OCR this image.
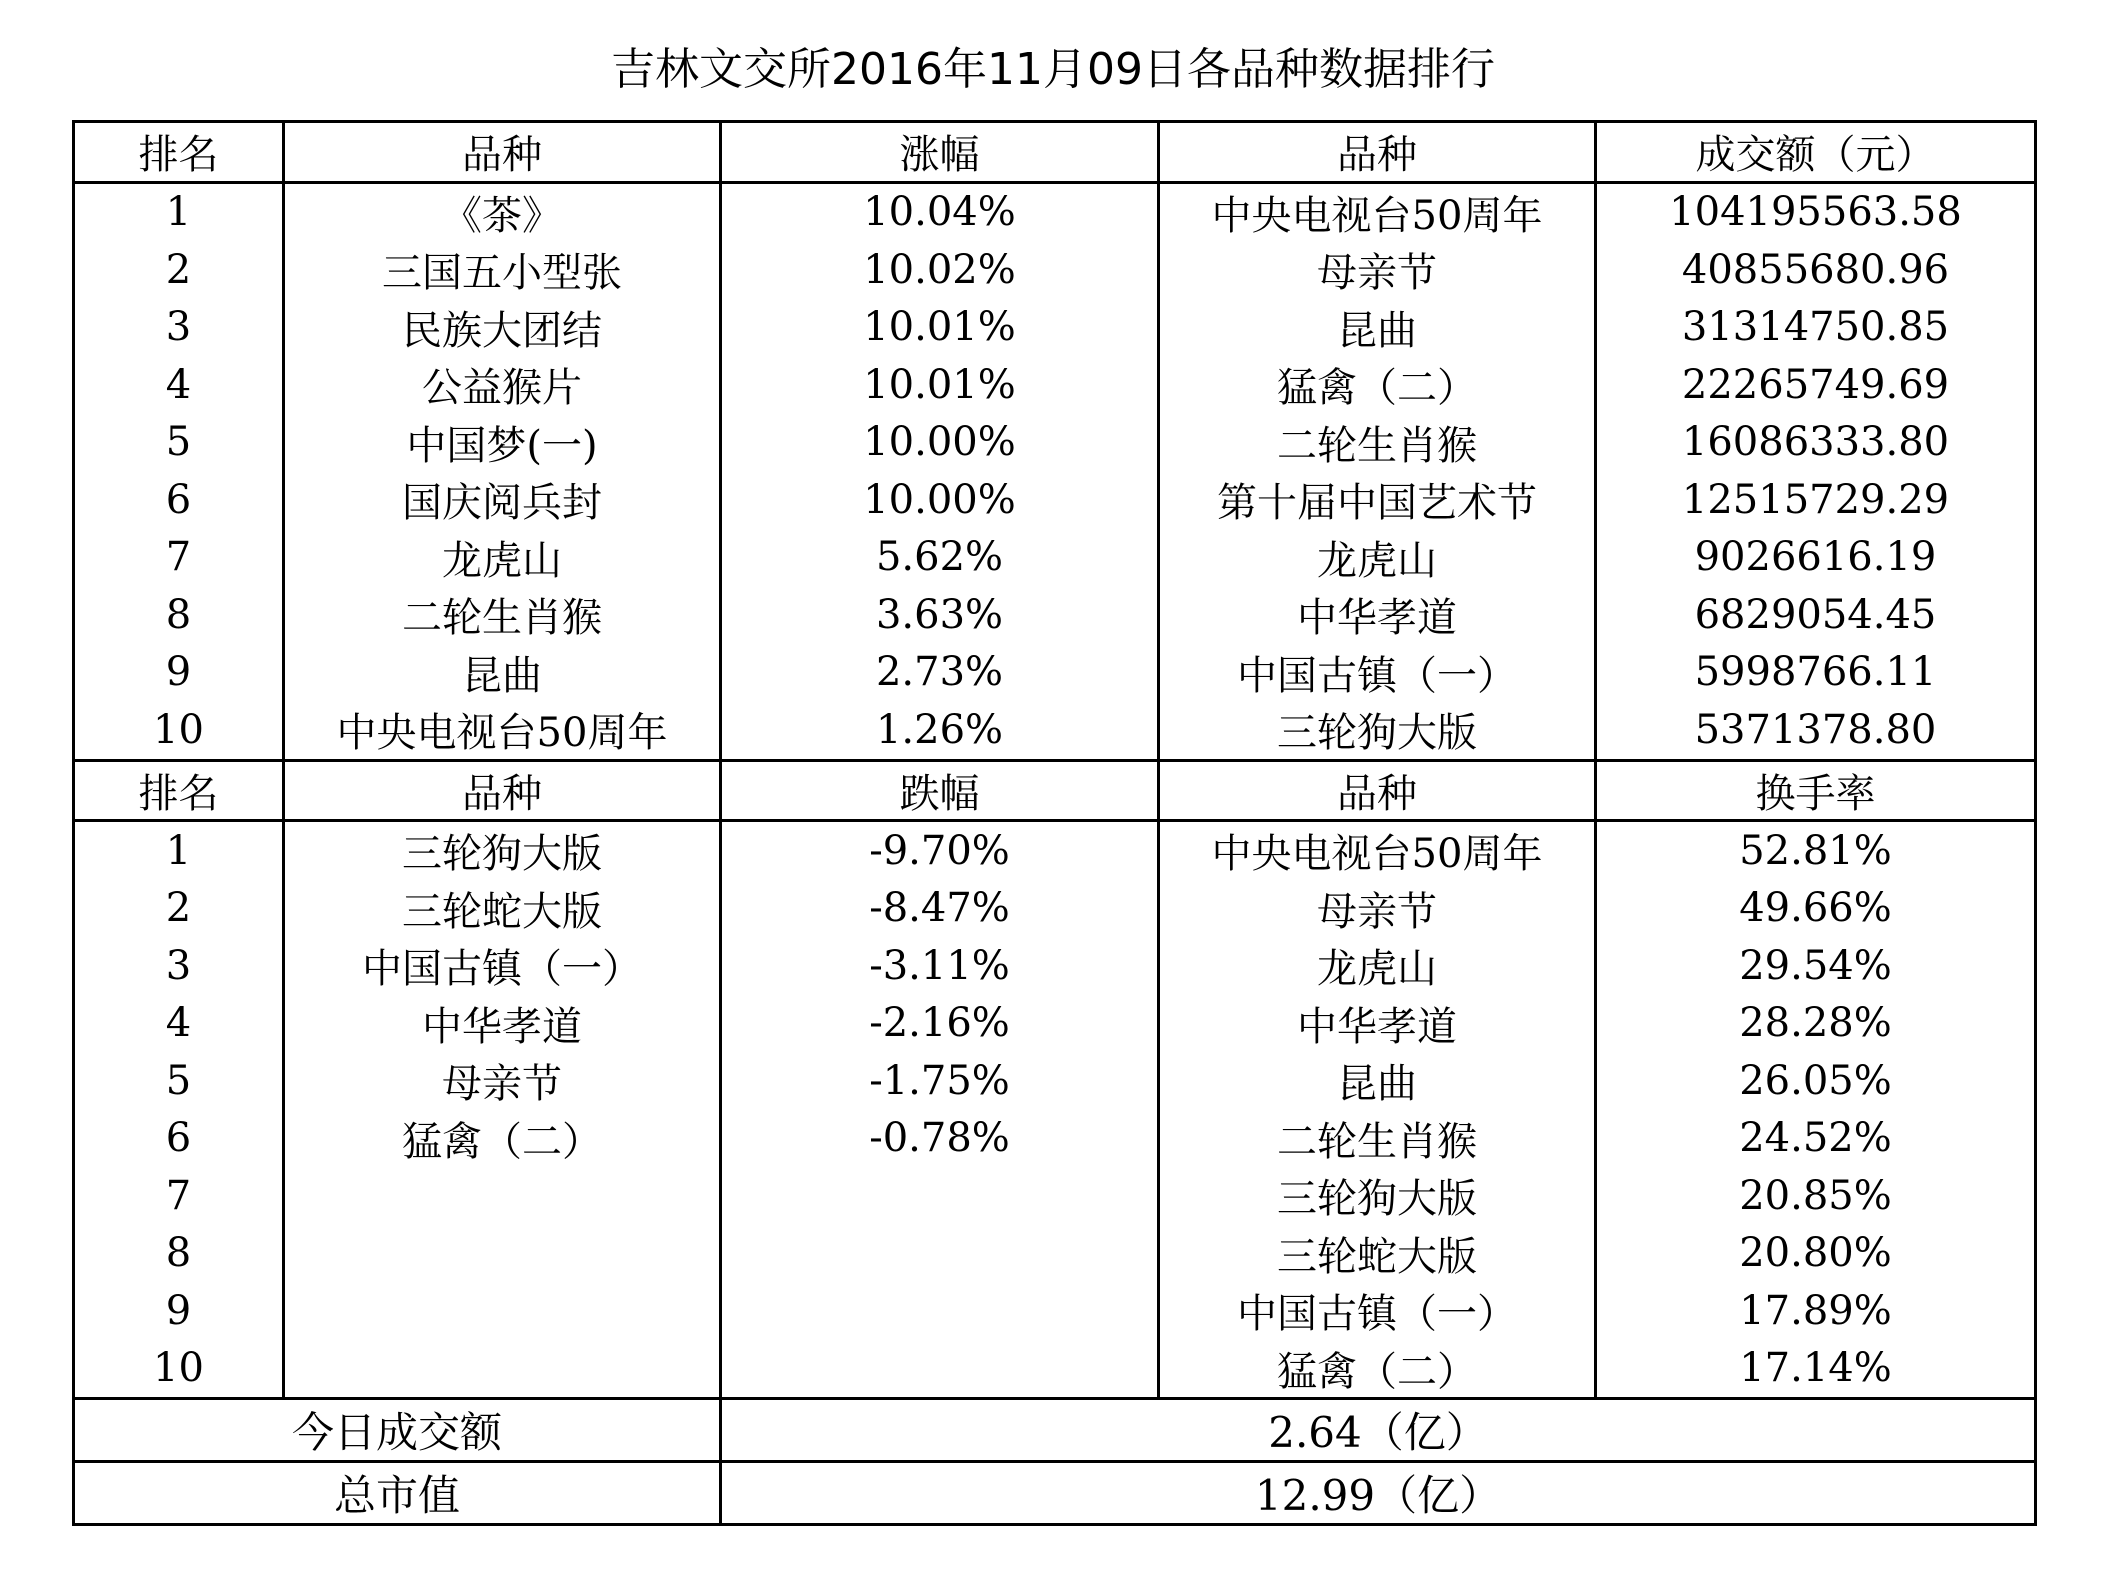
吉林文交所2016年11月09日各品种数据排行
排名	品种	涨幅	品种	成交额（元）
1	《茶》	10.04%	中央电视台50周年	104195563.58
2	三国五小型张	10.02%	母亲节	40855680.96
3	民族大团结	10.01%	昆曲	31314750.85
4	公益猴片	10.01%	猛禽（二）	22265749.69
5	中国梦(一)	10.00%	二轮生肖猴	16086333.80
6	国庆阅兵封	10.00%	第十届中国艺术节	12515729.29
7	龙虎山	5.62%	龙虎山	9026616.19
8	二轮生肖猴	3.63%	中华孝道	6829054.45
9	昆曲	2.73%	中国古镇（一）	5998766.11
10	中央电视台50周年	1.26%	三轮狗大版	5371378.80
排名	品种	跌幅	品种	换手率
1	三轮狗大版	-9.70%	中央电视台50周年	52.81%
2	三轮蛇大版	-8.47%	母亲节	49.66%
3	中国古镇（一）	-3.11%	龙虎山	29.54%
4	中华孝道	-2.16%	中华孝道	28.28%
5	母亲节	-1.75%	昆曲	26.05%
6	猛禽（二）	-0.78%	二轮生肖猴	24.52%
7			三轮狗大版	20.85%
8			三轮蛇大版	20.80%
9			中国古镇（一）	17.89%
10			猛禽（二）	17.14%
今日成交额		2.64（亿）		
总市值		12.99（亿）		
